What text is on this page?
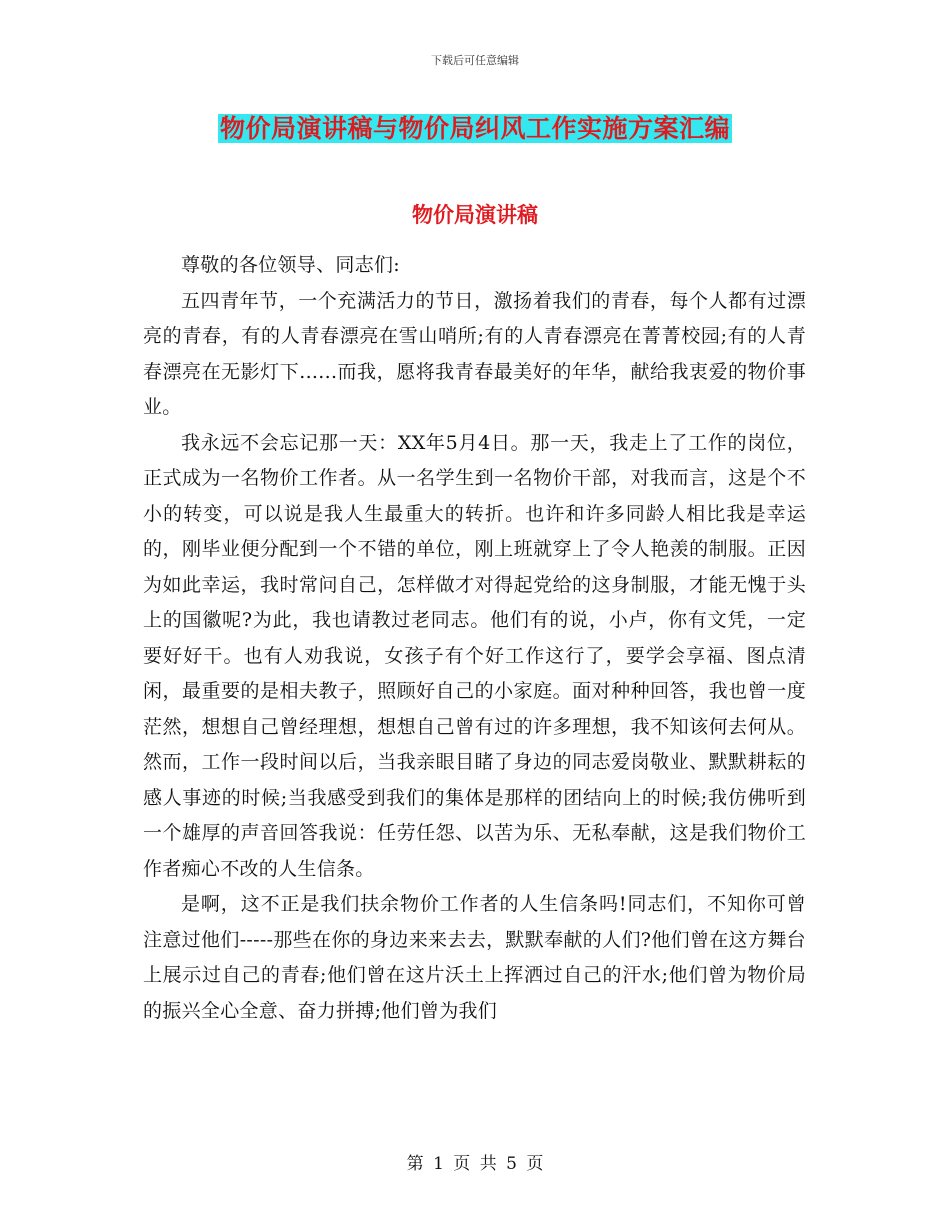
下载后可任意编辑
物价局演讲稿与物价局纠风工作实施方案汇编
物价局演讲稿

尊敬的各位领导、同志们:

五四青年节，一个充满活力的节日，激扬着我们的青春，每个人都有过漂亮的青春，有的人青春漂亮在雪山哨所;有的人青春漂亮在菁菁校园;有的人青春漂亮在无影灯下......而我，愿将我青春最美好的年华，献给我衷爱的物价事业。

我永远不会忘记那一天：XX年5月4日。那一天，我走上了工作的岗位，正式成为一名物价工作者。从一名学生到一名物价干部，对我而言，这是个不小的转变，可以说是我人生最重大的转折。也许和许多同龄人相比我是幸运的，刚毕业便分配到一个不错的单位，刚上班就穿上了令人艳羡的制服。正因为如此幸运，我时常问自己，怎样做才对得起党给的这身制服，才能无愧于头上的国徽呢?为此，我也请教过老同志。他们有的说，小卢，你有文凭，一定要好好干。也有人劝我说，女孩子有个好工作这行了，要学会享福、图点清闲，最重要的是相夫教子，照顾好自己的小家庭。面对种种回答，我也曾一度茫然，想想自己曾经理想，想想自己曾有过的许多理想，我不知该何去何从。然而，工作一段时间以后，当我亲眼目睹了身边的同志爱岗敬业、默默耕耘的感人事迹的时候;当我感受到我们的集体是那样的团结向上的时候;我仿佛听到一个雄厚的声音回答我说：任劳任怨、以苦为乐、无私奉献，这是我们物价工作者痴心不改的人生信条。

是啊，这不正是我们扶余物价工作者的人生信条吗!同志们，不知你可曾注意过他们-----那些在你的身边来来去去，默默奉献的人们?他们曾在这方舞台上展示过自己的青春;他们曾在这片沃土上挥洒过自己的汗水;他们曾为物价局的振兴全心全意、奋力拼搏;他们曾为我们

第 1 页 共 5 页
